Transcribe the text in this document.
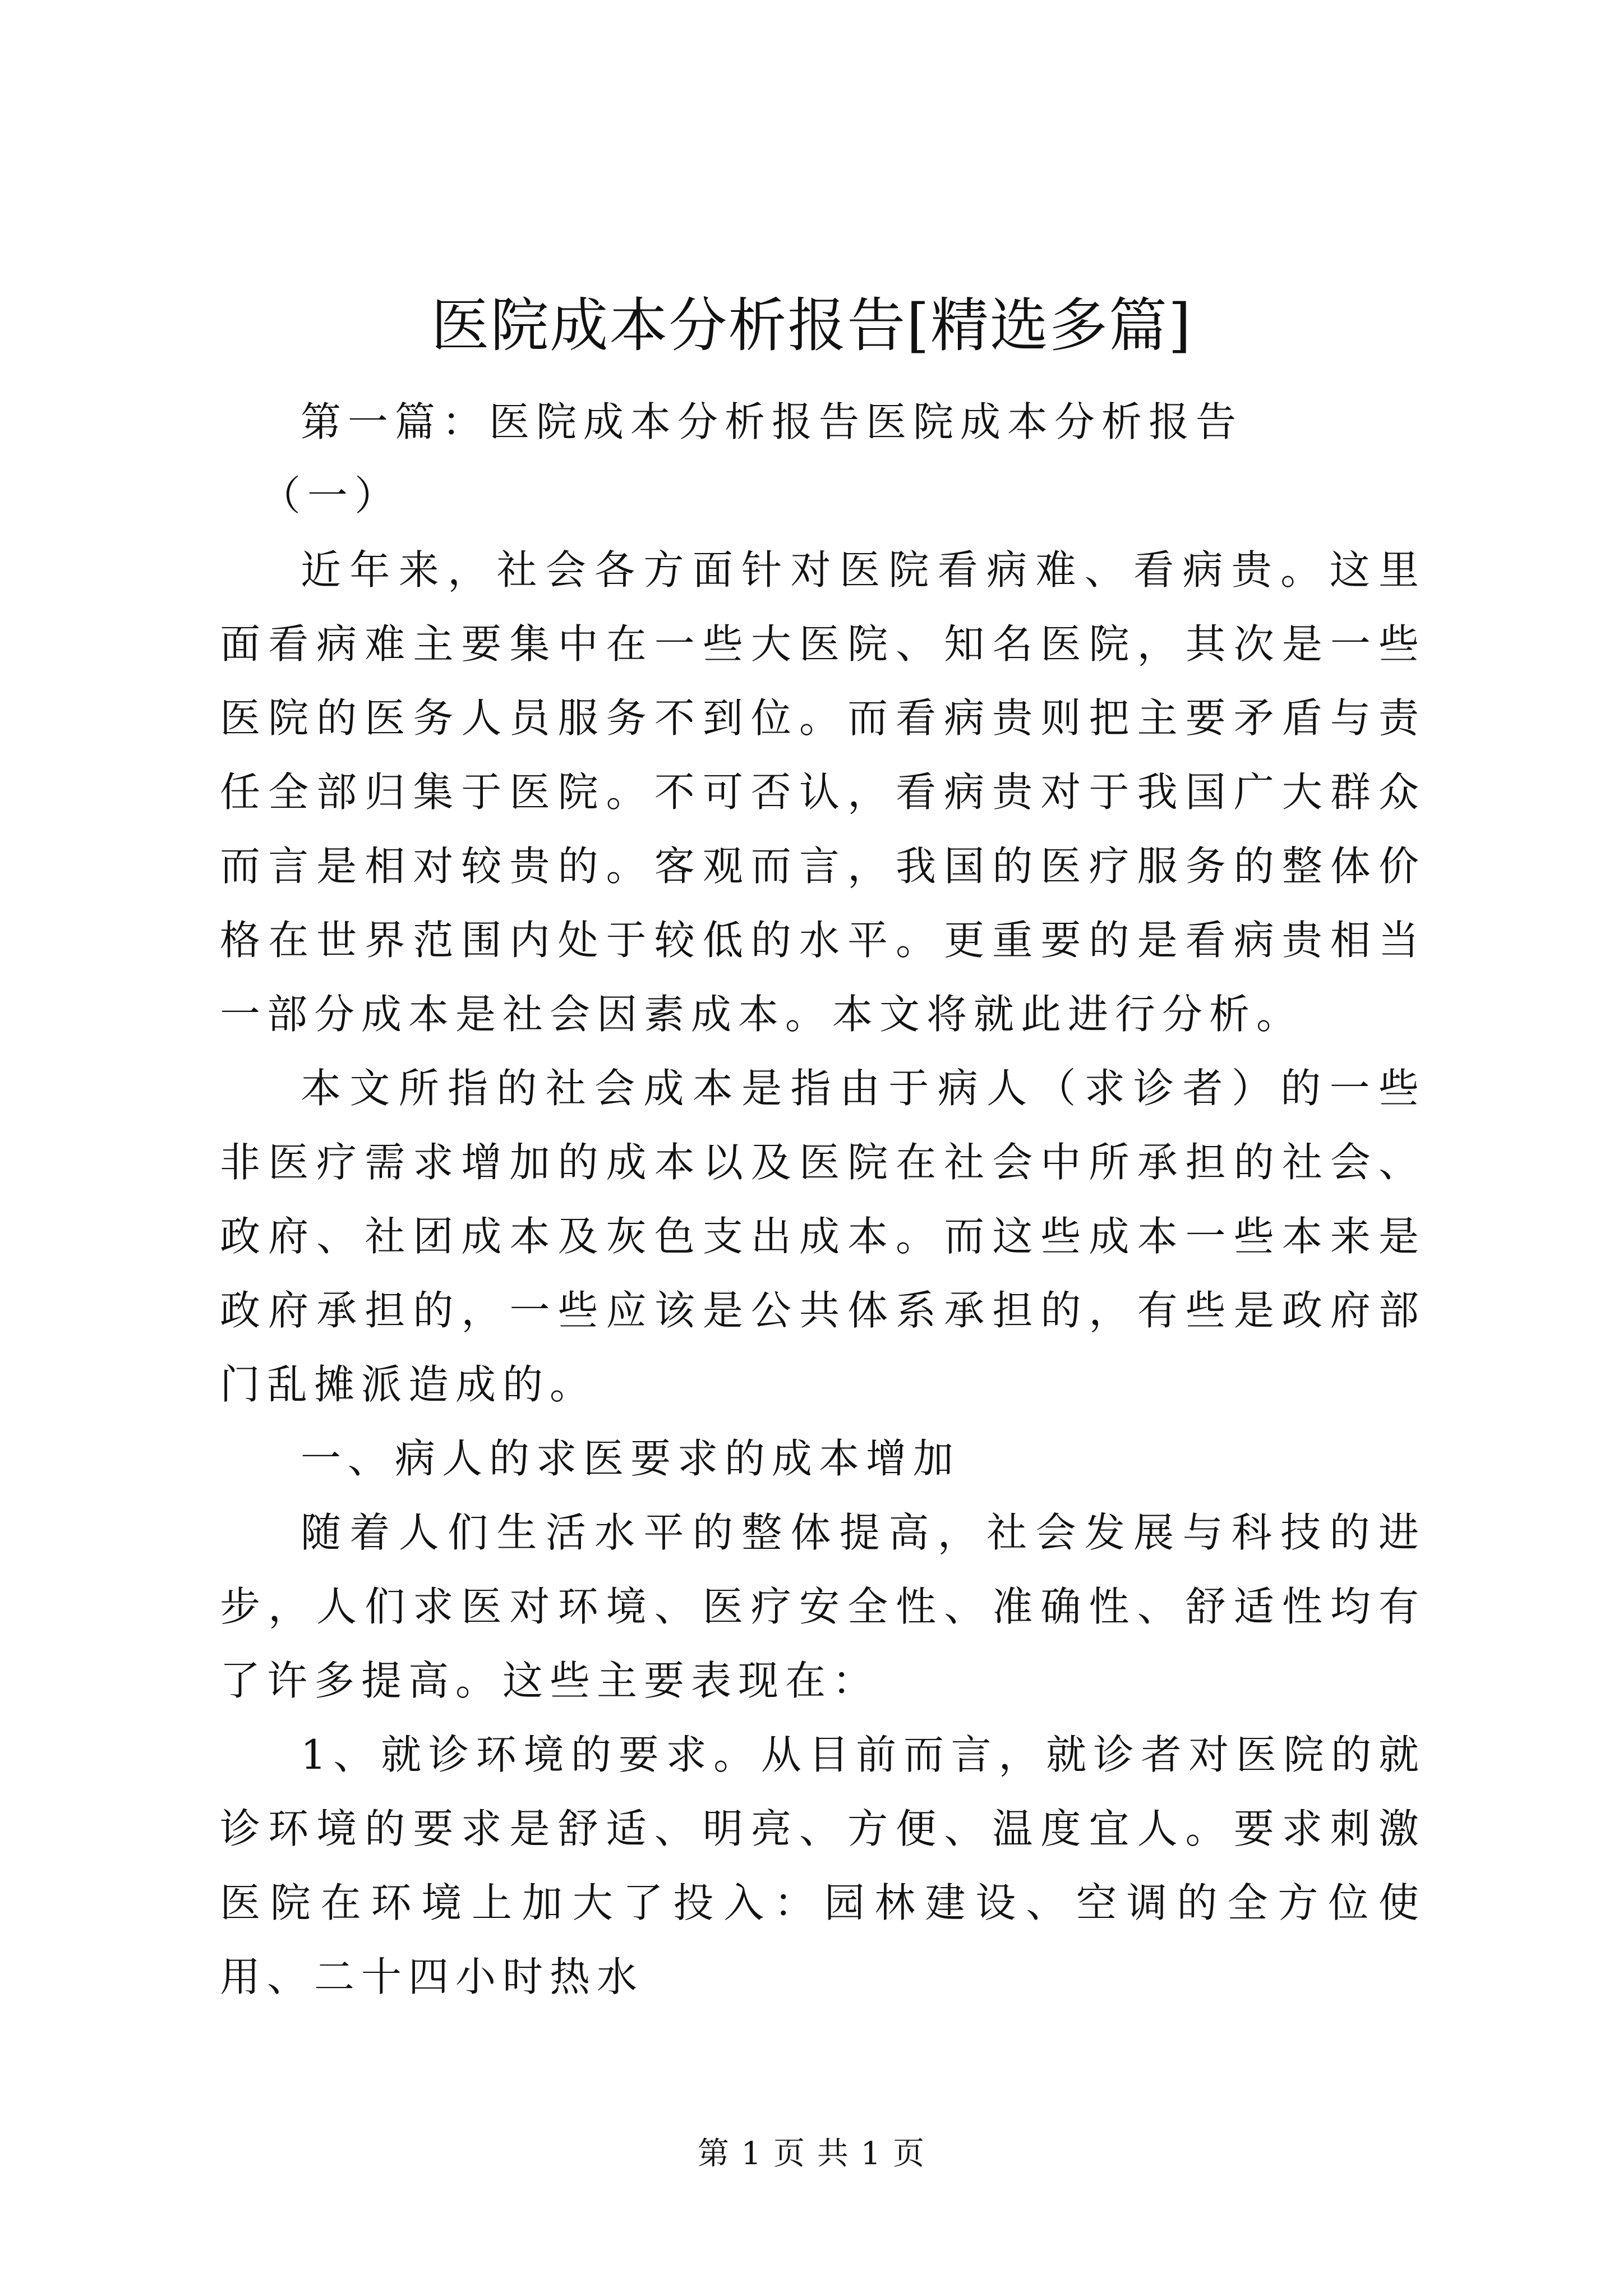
医院成本分析报告[精选多篇]

第一篇：医院成本分析报告医院成本分析报告

（一）

近年来，社会各方面针对医院看病难、看病贵。这里面看病难主要集中在一些大医院、知名医院，其次是一些医院的医务人员服务不到位。而看病贵则把主要矛盾与责任全部归集于医院。不可否认，看病贵对于我国广大群众而言是相对较贵的。客观而言，我国的医疗服务的整体价格在世界范围内处于较低的水平。更重要的是看病贵相当一部分成本是社会因素成本。本文将就此进行分析。

本文所指的社会成本是指由于病人（求诊者）的一些非医疗需求增加的成本以及医院在社会中所承担的社会、政府、社团成本及灰色支出成本。而这些成本一些本来是政府承担的，一些应该是公共体系承担的，有些是政府部门乱摊派造成的。

一、病人的求医要求的成本增加

随着人们生活水平的整体提高，社会发展与科技的进步，人们求医对环境、医疗安全性、准确性、舒适性均有了许多提高。这些主要表现在：

1、就诊环境的要求。从目前而言，就诊者对医院的就诊环境的要求是舒适、明亮、方便、温度宜人。要求刺激医院在环境上加大了投入：园林建设、空调的全方位使用、二十四小时热水

第 1 页 共 1 页
